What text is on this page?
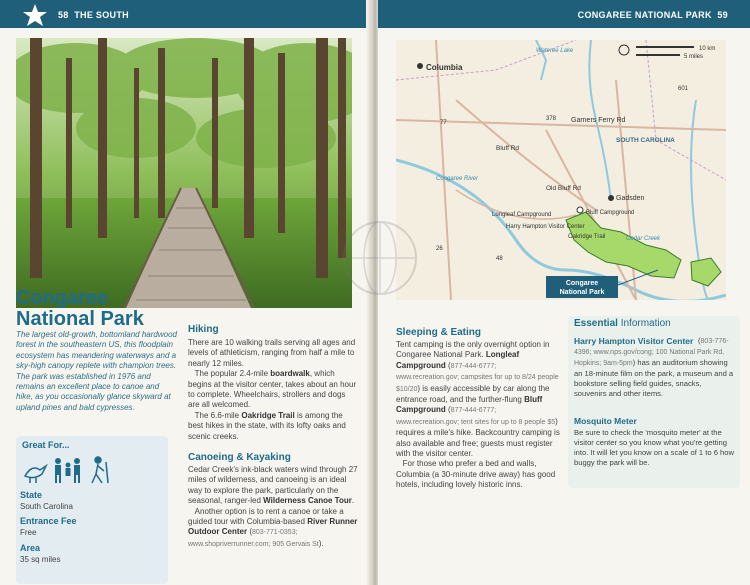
58 THE SOUTH
Congaree
National Park
The largest old-growth, bottomland hardwood forest in the southeastern US, this floodplain ecosystem has meandering waterways and a sky-high canopy replete with champion trees. The park was established in 1976 and remains an excellent place to canoe and hike, as you occasionally glance skyward at upland pines and bald cypresses.
Great For...
State
South Carolina
Entrance Fee
Free
Area
35 sq miles
Hiking
There are 10 walking trails serving all ages and levels of athleticism, ranging from half a mile to nearly 12 miles.
The popular 2.4-mile boardwalk, which begins at the visitor center, takes about an hour to complete. Wheelchairs, strollers and dogs are all welcomed.
The 6.6-mile Oakridge Trail is among the best hikes in the state, with its lofty oaks and scenic creeks.
Canoeing & Kayaking
Cedar Creek's ink-black waters wind through 27 miles of wilderness, and canoeing is an ideal way to explore the park, particularly on the seasonal, ranger-led Wilderness Canoe Tour.
Another option is to rent a canoe or take a guided tour with Columbia-based River Runner Outdoor Center (803-771-0353; www.shopriverrunner.com; 905 Gervais St).
CONGAREE NATIONAL PARK 59
10 km
5 miles
Columbia
Wateree Lake
Garners Ferry Rd
SOUTH CAROLINA
Bluff Rd
Congaree River
Gadsden
Old Bluff Rd
Longleaf Campground	Bluff Campground
Harry Hampton Visitor Center
Oakridge Trail	Cedar Creek
601
378
77
26
48
Congaree
National Park
Sleeping & Eating
Tent camping is the only overnight option in Congaree National Park. Longleaf Campground (877-444-6777; www.recreation.gov; campsites for up to 8/24 people $10/20) is easily accessible by car along the entrance road, and the further-flung Bluff Campground (877-444-6777; www.recreation.gov; tent sites for up to 8 people $5) requires a mile's hike. Backcountry camping is also available and free; guests must register with the visitor center.
For those who prefer a bed and walls, Columbia (a 30-minute drive away) has good hotels, including lovely historic inns.
Essential Information
Harry Hampton Visitor Center (803-776-4396; www.nps.gov/cong; 100 National Park Rd, Hopkins; 9am-5pm) has an auditorium showing an 18-minute film on the park, a museum and a bookstore selling field guides, snacks, souvenirs and other items.
Mosquito Meter
Be sure to check the 'mosquito meter' at the visitor center so you know what you're getting into. It will let you know on a scale of 1 to 6 how buggy the park will be.
